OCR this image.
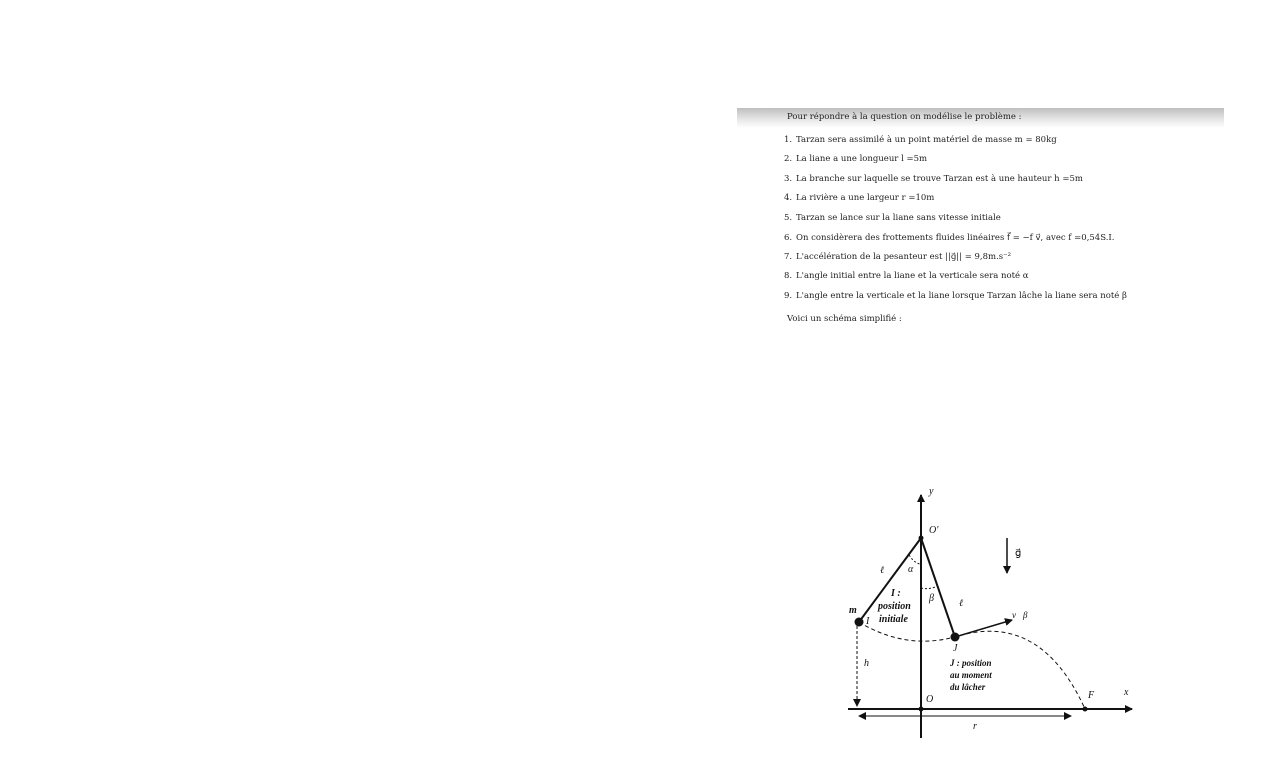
Pour répondre à la question on modélise le problème :
1. Tarzan sera assimilé à un point matériel de masse m = 80kg
2. La liane a une longueur l =5m
3. La branche sur laquelle se trouve Tarzan est à une hauteur h =5m
4. La rivière a une largeur r =10m
5. Tarzan se lance sur la liane sans vitesse initiale
6. On considèrera des frottements fluides linéaires f⃗ = −f v⃗, avec f =0,54S.I.
7. L'accélération de la pesanteur est ||g⃗|| = 9,8m.s⁻²
8. L'angle initial entre la liane et la verticale sera noté α
9. L'angle entre la verticale et la liane lorsque Tarzan lâche la liane sera noté β
Voici un schéma simplifié :
y
x
O'
O	F
ℓ
ℓ
α
β
m
I
J
h
r
g⃗
v⃗β
I :
position
initiale
J : position
au moment
du lâcher
